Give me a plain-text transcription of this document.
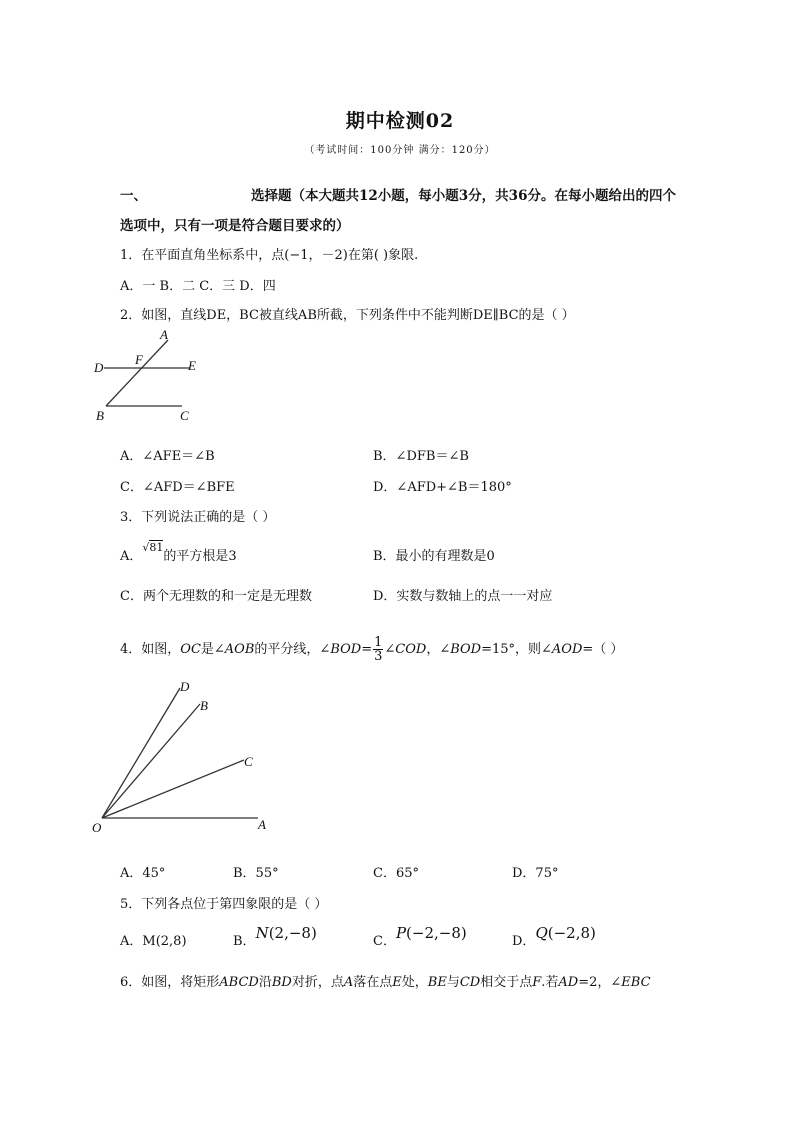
期中检测02
（考试时间：100分钟 满分：120分）
一、	选择题（本大题共12小题，每小题3分，共36分。在每小题给出的四个
选项中，只有一项是符合题目要求的）
1．在平面直角坐标系中，点(−1，－2)在第( )象限.
A．一 B．二 C．三 D．四
2．如图，直线DE，BC被直线AB所截，下列条件中不能判断DE∥BC的是（ ）
A
F
D	E
B	C
A．∠AFE＝∠B	B．∠DFB＝∠B
C．∠AFD＝∠BFE	D．∠AFD+∠B＝180°
3．下列说法正确的是（ ）
A．√81的平方根是3	B．最小的有理数是0
C．两个无理数的和一定是无理数	D．实数与数轴上的点一一对应
4．如图，OC是∠AOB的平分线，∠BOD= $\frac{1}{3}$ ∠COD，∠BOD=15°，则∠AOD=（ ）
O	A
C
B
D
A．45°	B．55°	C．65°	D．75°
5．下列各点位于第四象限的是（ ）
A．M(2,8)	B．N(2,−8)	C．P(−2,−8)	D．Q(−2,8)
6．如图，将矩形ABCD沿BD对折，点A落在点E处，BE与CD相交于点F.若AD=2，∠EBC
